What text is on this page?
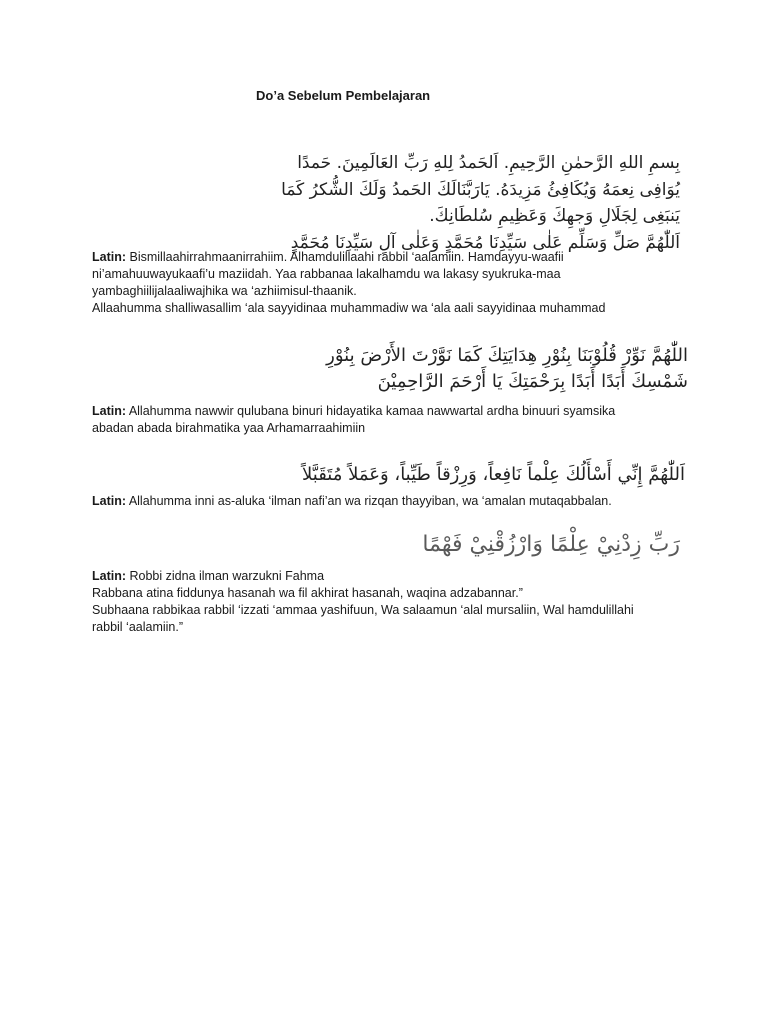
Do’a Sebelum Pembelajaran
بِسمِ اللهِ الرَّحمٰنِ الرَّحِيمِ. اَلحَمدُ لِلهِ رَبِّ العَالَمِينَ. حَمدًا
يُوَافِى نِعمَهُ وَيُكَافِئُ مَزِيدَهُ. يَارَبَّنَالَكَ الحَمدُ وَلَكَ الشُّكرُ كَمَا
يَنبَغِى لِجَلَالِ وَجهِكَ وَعَظِيمِ سُلطَانِكَ.
اَللّٰهُمَّ صَلِّ وَسَلِّم عَلٰى سَيِّدِنَا مُحَمَّدٍ وَعَلٰى آلِ سَيِّدِنَا مُحَمَّدٍ
Latin: Bismillaahirrahmaanirrahiim. Alhamdulillaahi rabbil ‘aalamiin. Hamdayyu-waafii
ni’amahuuwayukaafi’u maziidah. Yaa rabbanaa lakalhamdu wa lakasy syukruka-maa
yambaghiilijalaaliwajhika wa ‘azhiimisul-thaanik.
Allaahumma shalliwasallim ‘ala sayyidinaa muhammadiw wa ‘ala aali sayyidinaa muhammad
اللّٰهُمَّ نَوِّرْ قُلُوْبَنَا بِنُوْرِ هِدَايَتِكَ كَمَا نَوَّرْتَ الأَرْضَ بِنُوْرِ
شَمْسِكَ أَبَدًا أَبَدًا بِرَحْمَتِكَ يَا أَرْحَمَ الرَّاحِمِيْنَ
Latin: Allahumma nawwir qulubana binuri hidayatika kamaa nawwartal ardha binuuri syamsika
abadan abada birahmatika yaa Arhamarraahimiin
اَللّٰهُمَّ إِنِّي أَسْأَلُكَ عِلْماً نَافِعاً، وَرِزْقاً طَيِّباً، وَعَمَلاً مُتَقَبَّلاً
Latin: Allahumma inni as-aluka ‘ilman nafi’an wa rizqan thayyiban, wa ‘amalan mutaqabbalan.
رَبِّ زِدْنِيْ عِلْمًا وَارْزُقْنِيْ فَهْمًا
Latin: Robbi zidna ilman warzukni Fahma
Rabbana atina fiddunya hasanah wa fil akhirat hasanah, waqina adzabannar.”
Subhaana rabbikaa rabbil ‘izzati ‘ammaa yashifuun, Wa salaamun ‘alal mursaliin, Wal hamdulillahi
rabbil ‘aalamiin.”
